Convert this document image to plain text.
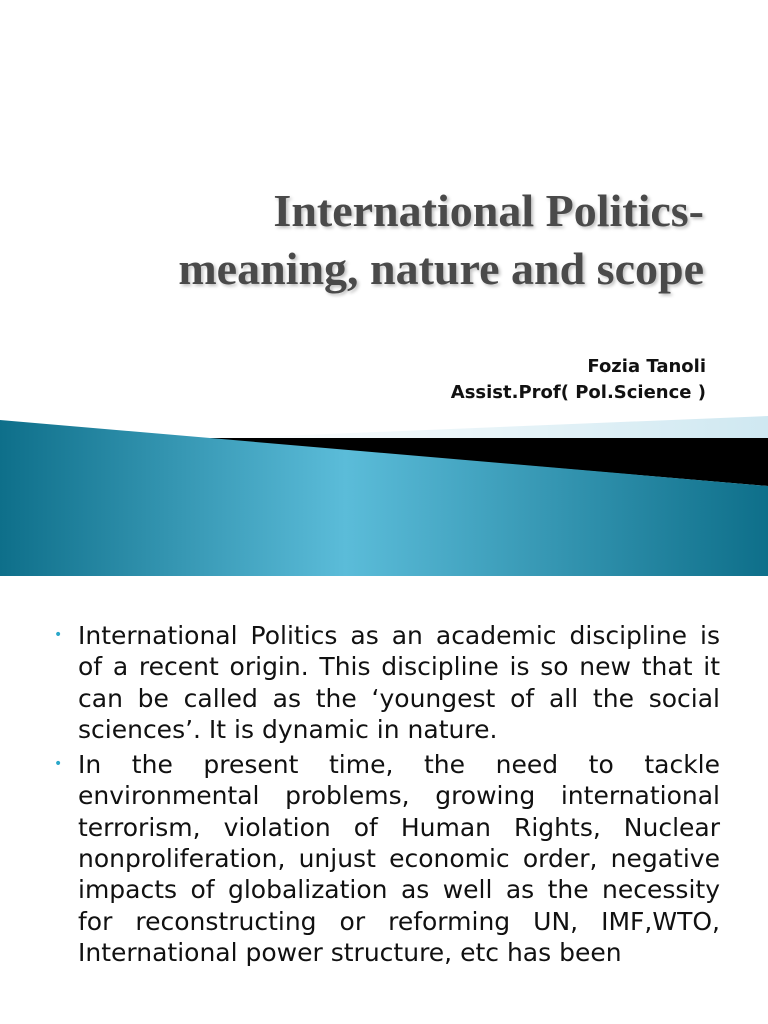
International Politics-
meaning, nature and scope
Fozia Tanoli
Assist.Prof( Pol.Science )
• International Politics as an academic discipline is of a recent origin. This discipline is so new that it can be called as the ‘youngest of all the social sciences’. It is dynamic in nature.
• In the present time, the need to tackle environmental problems, growing international terrorism, violation of Human Rights, Nuclear nonproliferation, unjust economic order, negative impacts of globalization as well as the necessity for reconstructing or reforming UN, IMF,WTO, International power structure, etc has been
